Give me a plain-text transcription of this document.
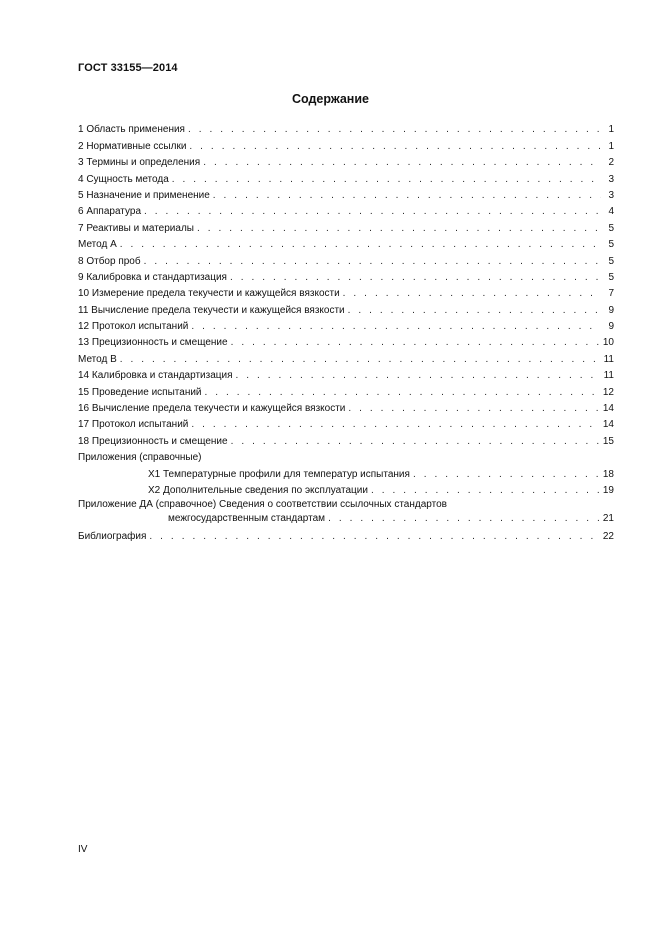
ГОСТ 33155—2014
Содержание
1 Область применения . . .	1
2 Нормативные ссылки . . .	1
3 Термины и определения . . .	2
4 Сущность метода . . .	3
5 Назначение и применение . . .	3
6 Аппаратура . . .	4
7 Реактивы и материалы . . .	5
Метод А . . .	5
8 Отбор проб . . .	5
9 Калибровка и стандартизация . . .	5
10 Измерение предела текучести и кажущейся вязкости . . .	7
11 Вычисление предела текучести и кажущейся вязкости . . .	9
12 Протокол испытаний . . .	9
13 Прецизионность и смещение . . .	10
Метод В . . .	11
14 Калибровка и стандартизация . . .	11
15 Проведение испытаний . . .	12
16 Вычисление предела текучести и кажущейся вязкости . . .	14
17 Протокол испытаний . . .	14
18 Прецизионность и смещение . . .	15
Приложения (справочные)
Х1 Температурные профили для температур испытания . . .	18
Х2 Дополнительные сведения по эксплуатации . . .	19
Приложение ДА (справочное) Сведения о соответствии ссылочных стандартов
межгосударственным стандартам . . .	21
Библиография . . .	22
IV
